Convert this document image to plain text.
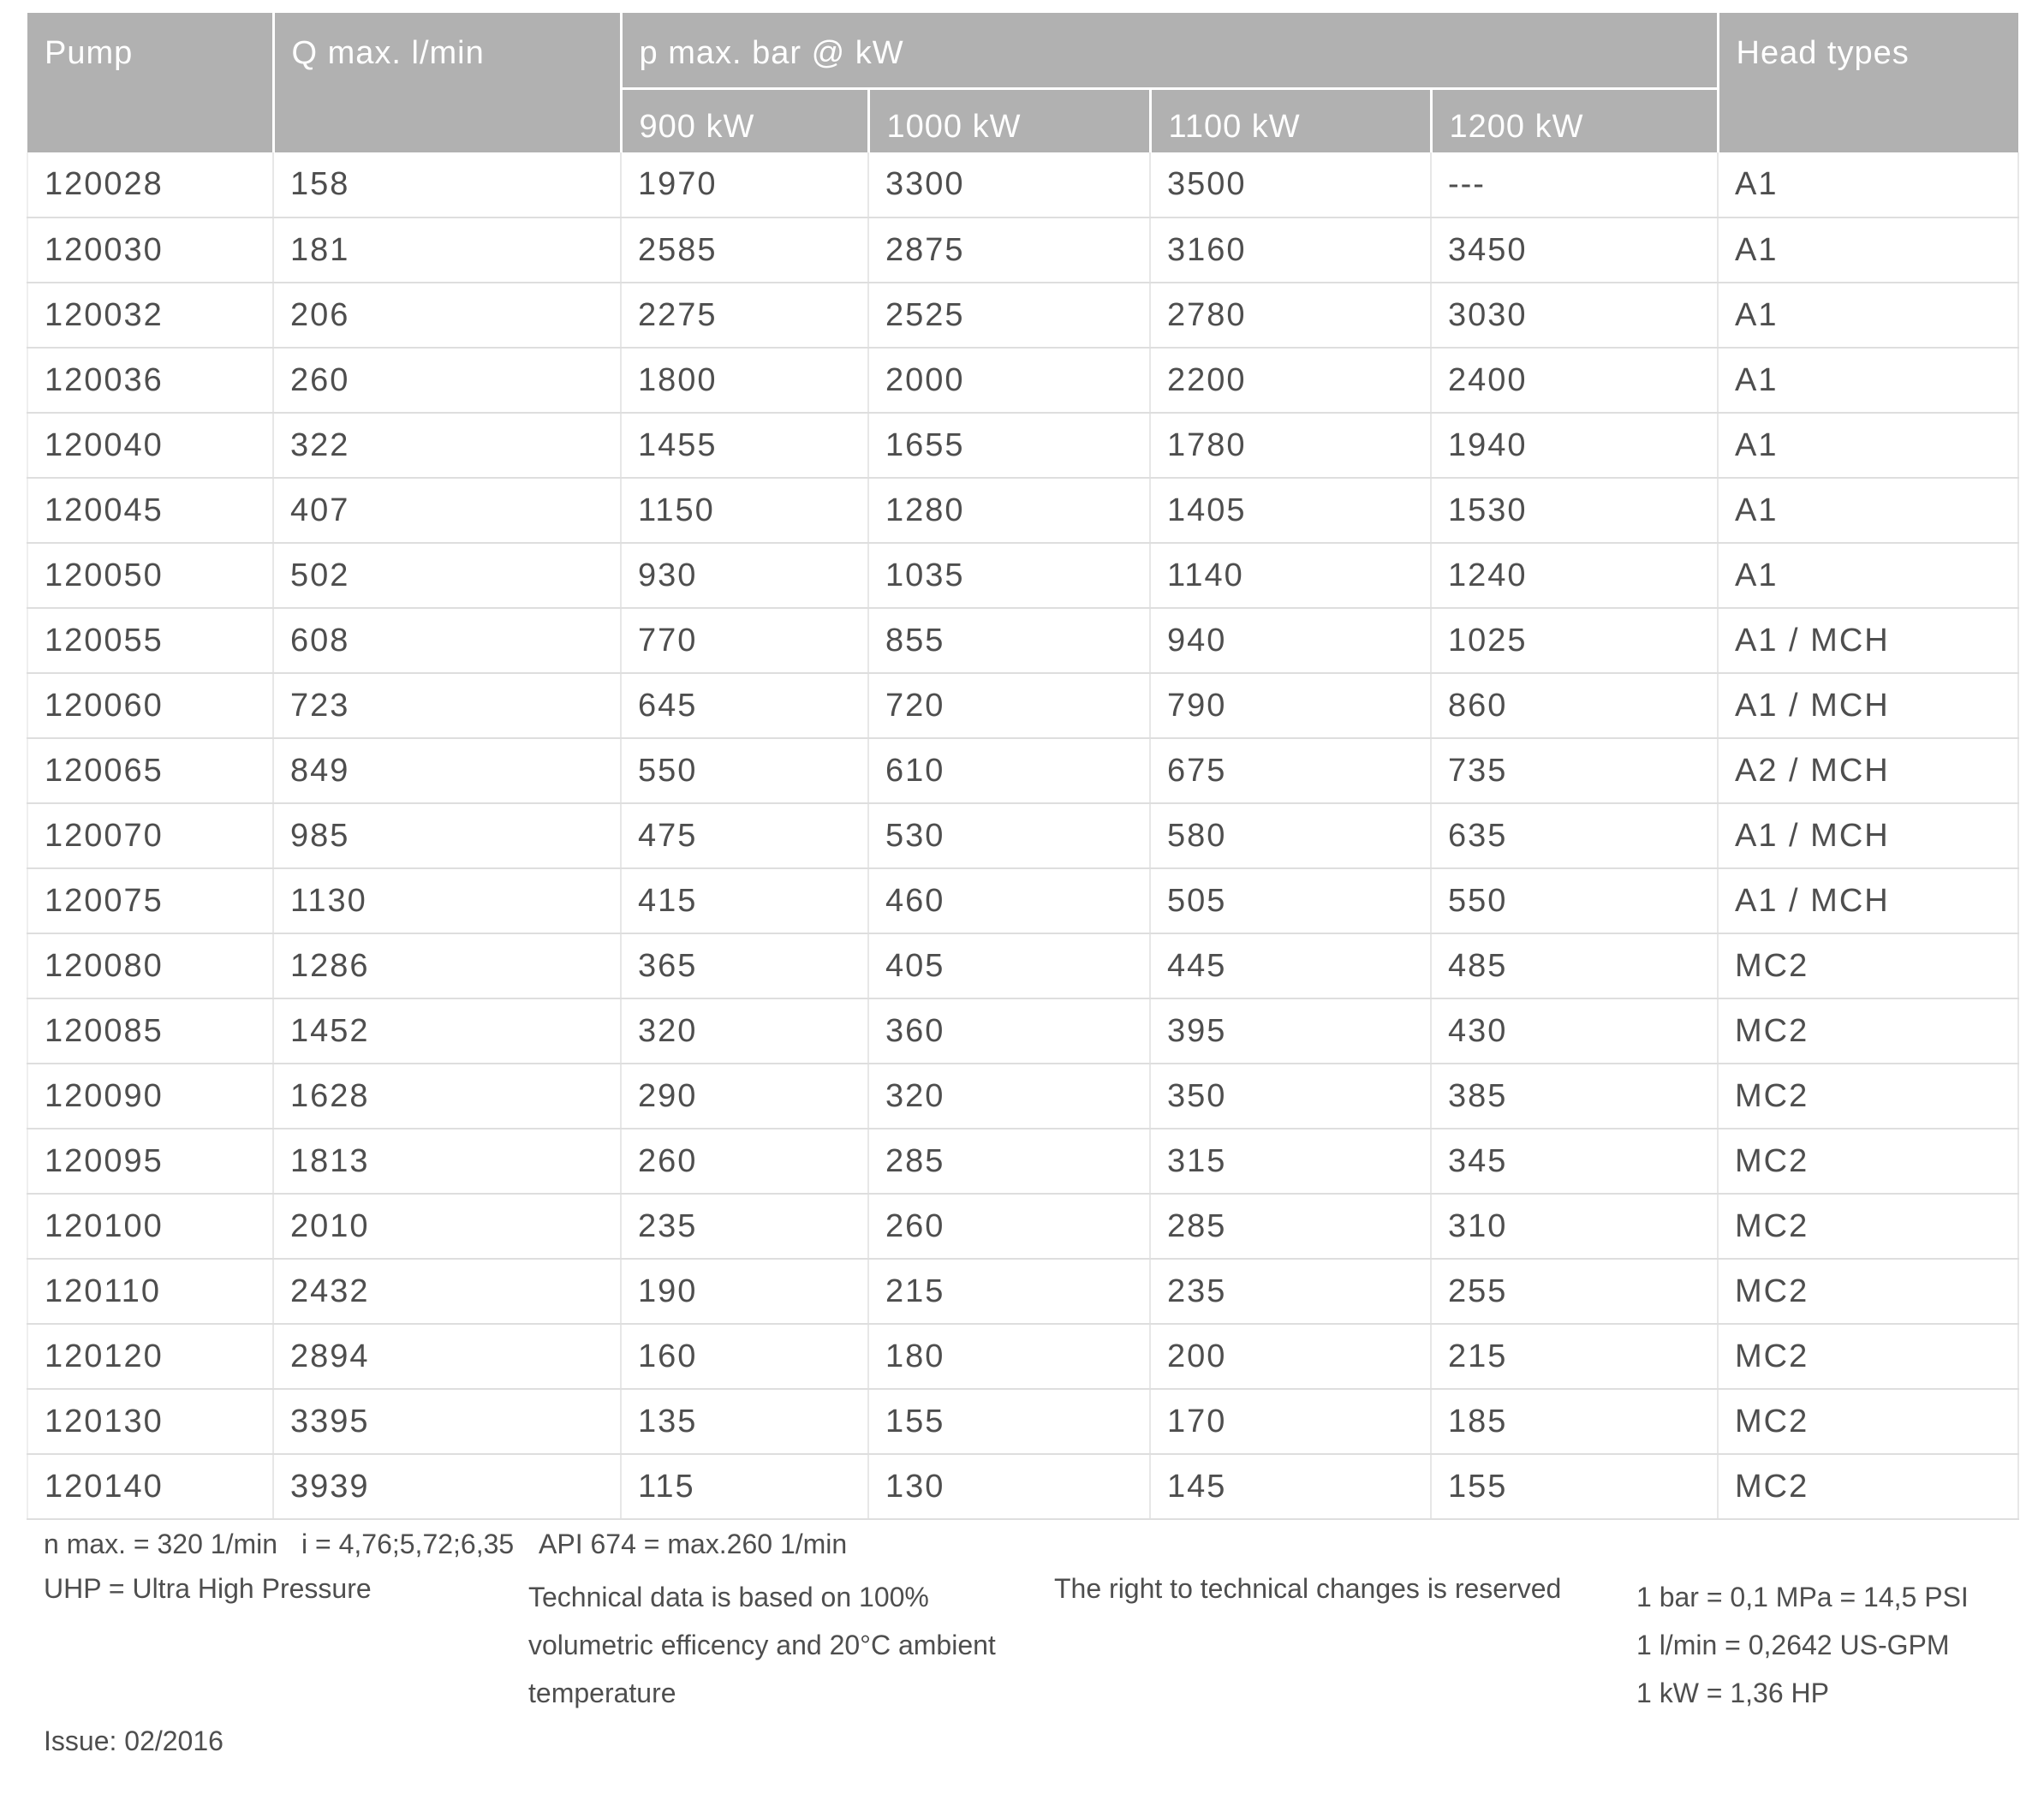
Pump	Q max. l/min	p max. bar @ kW				Head types
		900 kW	1000 kW	1100 kW	1200 kW	
120028	158	1970	3300	3500	---	A1
120030	181	2585	2875	3160	3450	A1
120032	206	2275	2525	2780	3030	A1
120036	260	1800	2000	2200	2400	A1
120040	322	1455	1655	1780	1940	A1
120045	407	1150	1280	1405	1530	A1
120050	502	930	1035	1140	1240	A1
120055	608	770	855	940	1025	A1 / MCH
120060	723	645	720	790	860	A1 / MCH
120065	849	550	610	675	735	A2 / MCH
120070	985	475	530	580	635	A1 / MCH
120075	1130	415	460	505	550	A1 / MCH
120080	1286	365	405	445	485	MC2
120085	1452	320	360	395	430	MC2
120090	1628	290	320	350	385	MC2
120095	1813	260	285	315	345	MC2
120100	2010	235	260	285	310	MC2
120110	2432	190	215	235	255	MC2
120120	2894	160	180	200	215	MC2
120130	3395	135	155	170	185	MC2
120140	3939	115	130	145	155	MC2
n max. = 320 1/min i = 4,76;5,72;6,35 API 674 = max.260 1/min
UHP = Ultra High Pressure	Technical data is based on 100%
volumetric efficency and 20°C ambient
temperature
The right to technical changes is reserved	1 bar = 0,1 MPa = 14,5 PSI
1 l/min = 0,2642 US-GPM
1 kW = 1,36 HP
Issue: 02/2016
